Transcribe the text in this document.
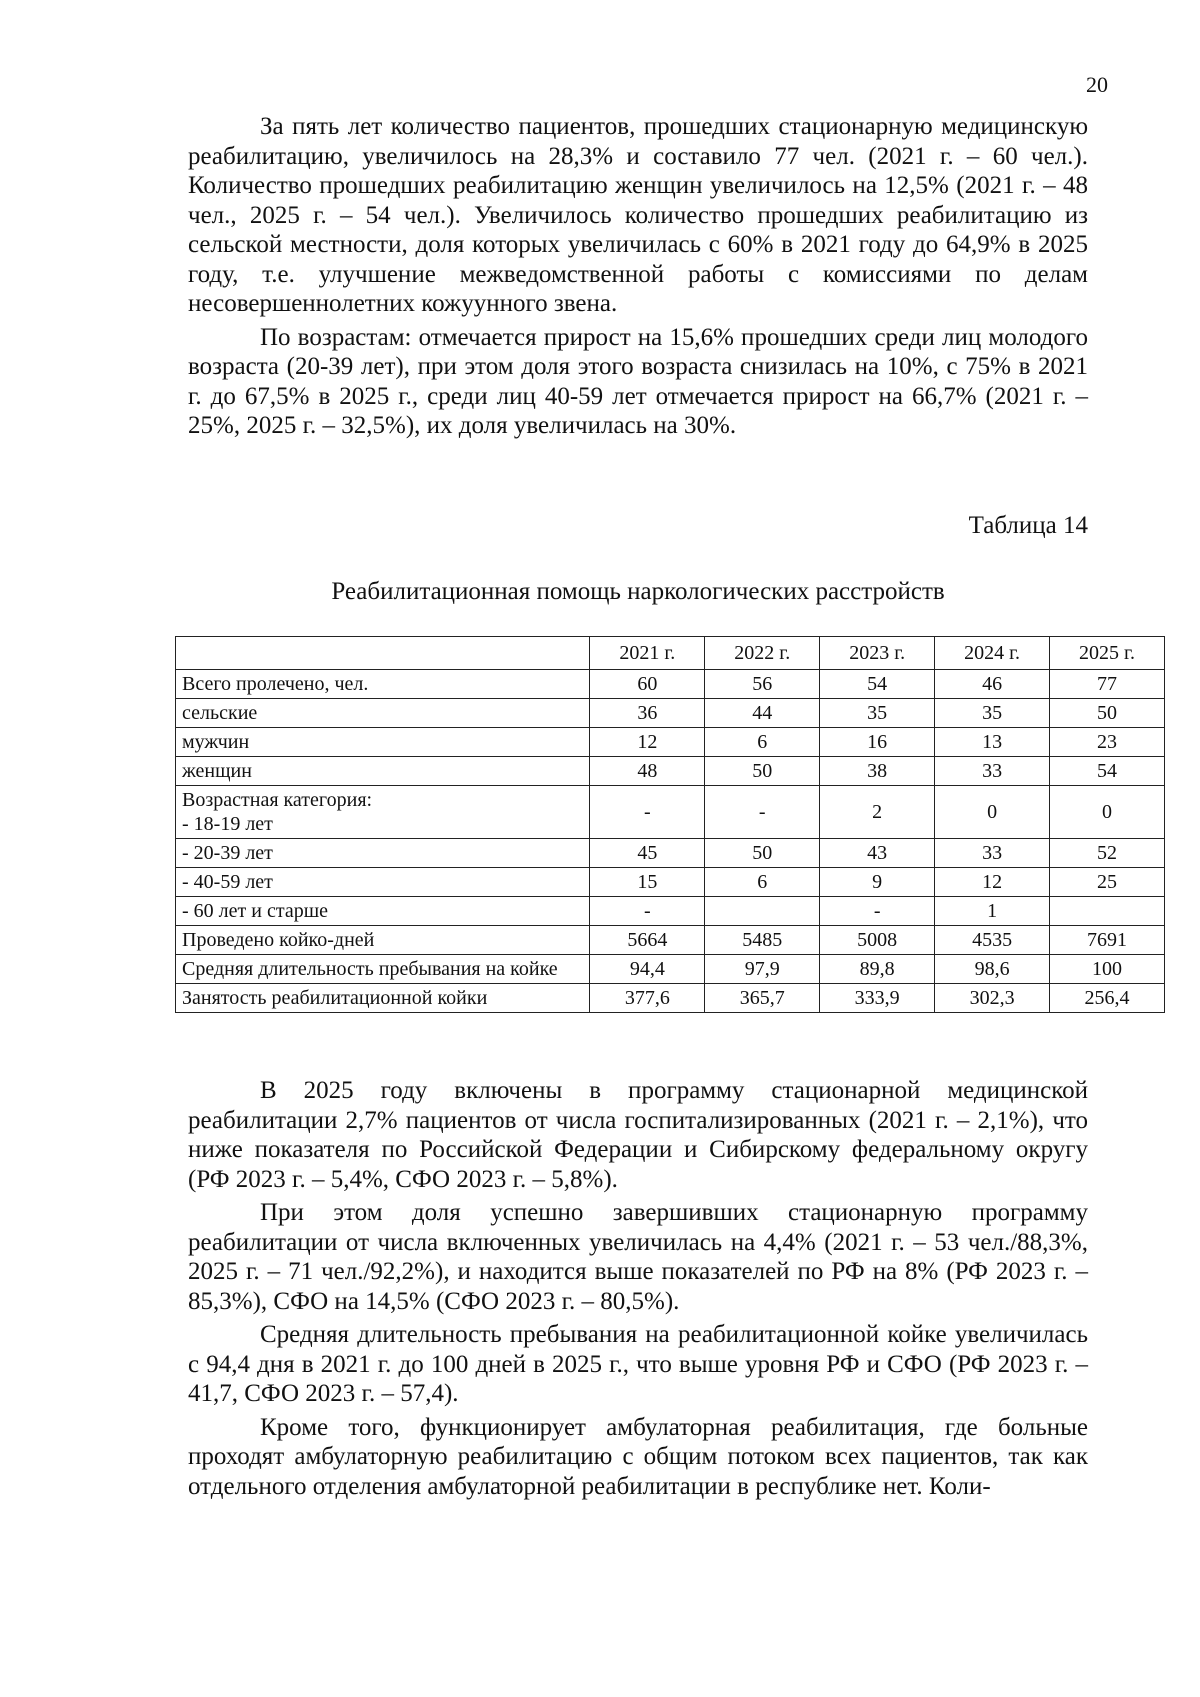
20

За пять лет количество пациентов, прошедших стационарную медицинскую реабилитацию, увеличилось на 28,3% и составило 77 чел. (2021 г. – 60 чел.). Количество прошедших реабилитацию женщин увеличилось на 12,5% (2021 г. – 48 чел., 2025 г. – 54 чел.). Увеличилось количество прошедших реабилитацию из сельской местности, доля которых увеличилась с 60% в 2021 году до 64,9% в 2025 году, т.е. улучшение межведомственной работы с комиссиями по делам несовершеннолетних кожуунного звена.

По возрастам: отмечается прирост на 15,6% прошедших среди лиц молодого возраста (20-39 лет), при этом доля этого возраста снизилась на 10%, с 75% в 2021 г. до 67,5% в 2025 г., среди лиц 40-59 лет отмечается прирост на 66,7% (2021 г. – 25%, 2025 г. – 32,5%), их доля увеличилась на 30%.

Таблица 14
Реабилитационная помощь наркологических расстройств
	2021 г.	2022 г.	2023 г.	2024 г.	2025 г.
Всего пролечено, чел.	60	56	54	46	77
сельские	36	44	35	35	50
мужчин	12	6	16	13	23
женщин	48	50	38	33	54
Возрастная категория:
- 18-19 лет	-	-	2	0	0
- 20-39 лет	45	50	43	33	52
- 40-59 лет	15	6	9	12	25
- 60 лет и старше	-		-	1	
Проведено койко-дней	5664	5485	5008	4535	7691
Средняя длительность пребывания на койке	94,4	97,9	89,8	98,6	100
Занятость реабилитационной койки	377,6	365,7	333,9	302,3	256,4

В 2025 году включены в программу стационарной медицинской реабилитации 2,7% пациентов от числа госпитализированных (2021 г. – 2,1%), что ниже показателя по Российской Федерации и Сибирскому федеральному округу (РФ 2023 г. – 5,4%, СФО 2023 г. – 5,8%).

При этом доля успешно завершивших стационарную программу реабилитации от числа включенных увеличилась на 4,4% (2021 г. – 53 чел./88,3%, 2025 г. – 71 чел./92,2%), и находится выше показателей по РФ на 8% (РФ 2023 г. – 85,3%), СФО на 14,5% (СФО 2023 г. – 80,5%).

Средняя длительность пребывания на реабилитационной койке увеличилась с 94,4 дня в 2021 г. до 100 дней в 2025 г., что выше уровня РФ и СФО (РФ 2023 г. – 41,7, СФО 2023 г. – 57,4).

Кроме того, функционирует амбулаторная реабилитация, где больные проходят амбулаторную реабилитацию с общим потоком всех пациентов, так как отдельного отделения амбулаторной реабилитации в республике нет. Коли-
